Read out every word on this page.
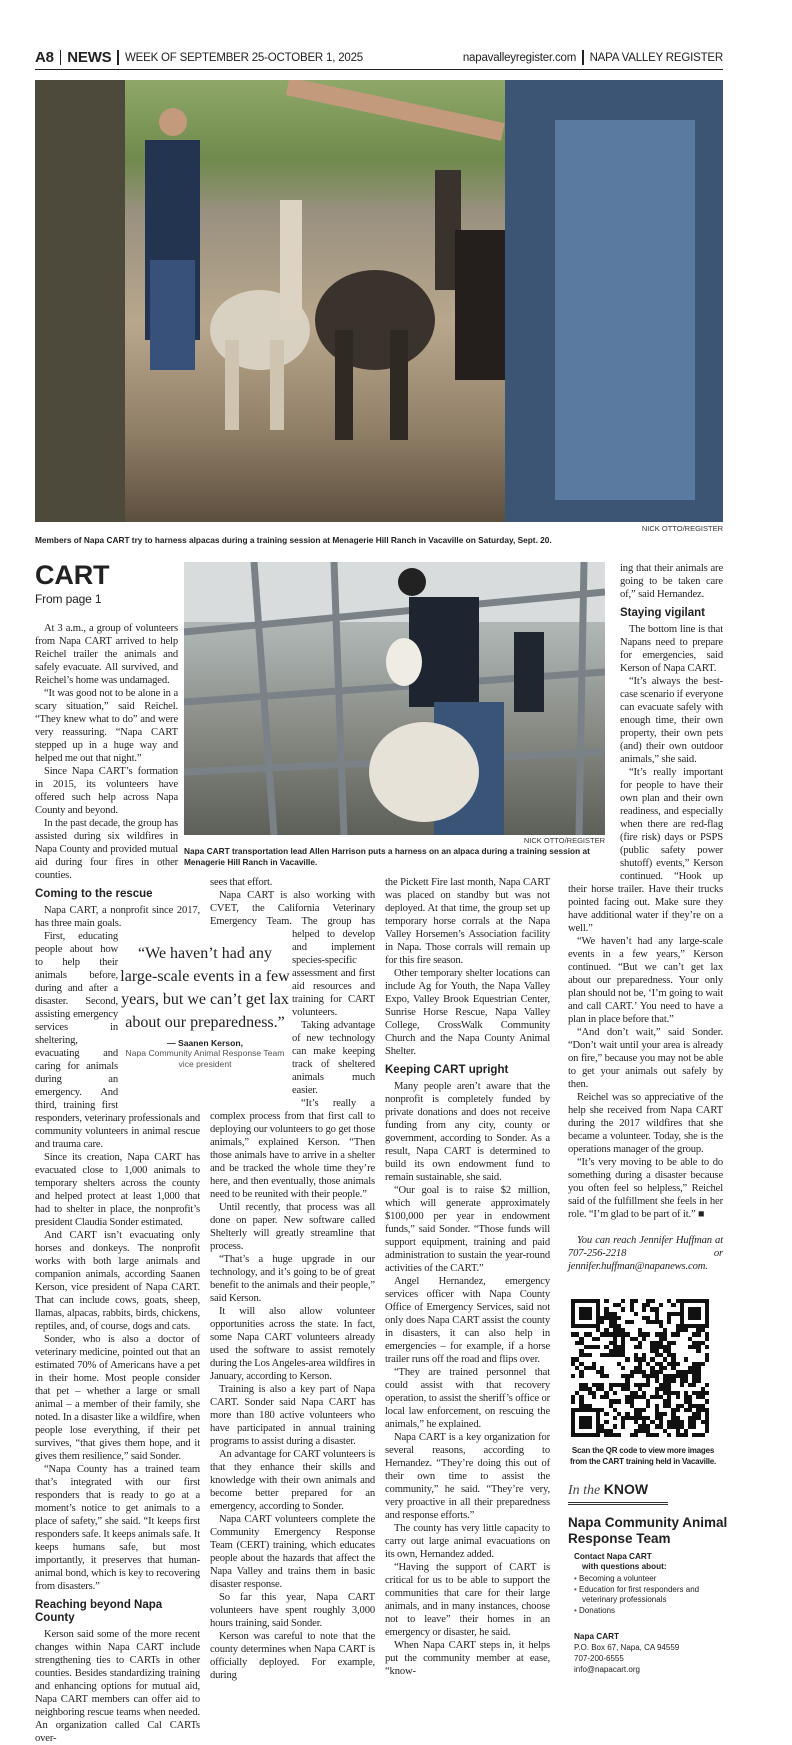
A8 NEWS WEEK OF SEPTEMBER 25-OCTOBER 1, 2025	napavalleyregister.com NAPA VALLEY REGISTER
NICK OTTO/REGISTER
Members of Napa CART try to harness alpacas during a training session at Menagerie Hill Ranch in Vacaville on Saturday, Sept. 20.
NICK OTTO/REGISTER
Napa CART transportation lead Allen Harrison puts a harness on an alpaca during a training session at Menagerie Hill Ranch in Vacaville.
CART
From page 1

At 3 a.m., a group of volunteers from Napa CART arrived to help Reichel trailer the animals and safely evacuate. All survived, and Reichel’s home was undamaged.

“It was good not to be alone in a scary situation,” said Reichel. “They knew what to do” and were very reassuring. “Napa CART stepped up in a huge way and helped me out that night.”

Since Napa CART’s formation in 2015, its volunteers have offered such help across Napa County and beyond.

In the past decade, the group has assisted during six wildfires in Napa County and provided mutual aid during four fires in other counties.

Coming to the rescue

Napa CART, a nonprofit since 2017, has three main goals.

First, educating people about how to help their animals before, during and after a disaster. Second, assisting emergency services in sheltering, evacuating and caring for animals during an emergency. And third, training first responders, veterinary professionals and community volunteers in animal rescue and trauma care.

Since its creation, Napa CART has evacuated close to 1,000 animals to temporary shelters across the county and helped protect at least 1,000 that had to shelter in place, the nonprofit’s president Claudia Sonder estimated.

And CART isn’t evacuating only horses and donkeys. The nonprofit works with both large animals and companion animals, according Saanen Kerson, vice president of Napa CART. That can include cows, goats, sheep, llamas, alpacas, rabbits, birds, chickens, reptiles, and, of course, dogs and cats.

Sonder, who is also a doctor of veterinary medicine, pointed out that an estimated 70% of Americans have a pet in their home. Most people consider that pet – whether a large or small animal – a member of their family, she noted. In a disaster like a wildfire, when people lose everything, if their pet survives, “that gives them hope, and it gives them resilience,” said Sonder.

“Napa County has a trained team that’s integrated with our first responders that is ready to go at a moment’s notice to get animals to a place of safety,” she said. “It keeps first responders safe. It keeps animals safe. It keeps humans safe, but most importantly, it preserves that human-animal bond, which is key to recovering from disasters.”

Reaching beyond Napa County

Kerson said some of the more recent changes within Napa CART include strengthening ties to CARTs in other counties. Besides standardizing training and enhancing options for mutual aid, Napa CART members can offer aid to neighboring rescue teams when needed. An organization called Cal CARTs over-

sees that effort.

Napa CART is also working with CVET, the California Veterinary Emergency Team. The group has helped to develop and implement species-specific assessment and first aid resources and training for CART volunteers.

Taking advantage of new technology can make keeping track of sheltered animals much easier.

“It’s really a complex process from that first call to deploying our volunteers to go get those animals,” explained Kerson. “Then those animals have to arrive in a shelter and be tracked the whole time they’re here, and then eventually, those animals need to be reunited with their people.”

Until recently, that process was all done on paper. New software called Shelterly will greatly streamline that process.

“That’s a huge upgrade in our technology, and it’s going to be of great benefit to the animals and their people,” said Kerson.

It will also allow volunteer opportunities across the state. In fact, some Napa CART volunteers already used the software to assist remotely during the Los Angeles-area wildfires in January, according to Kerson.

Training is also a key part of Napa CART. Sonder said Napa CART has more than 180 active volunteers who have participated in annual training programs to assist during a disaster.

An advantage for CART volunteers is that they enhance their skills and knowledge with their own animals and become better prepared for an emergency, according to Sonder.

Napa CART volunteers complete the Community Emergency Response Team (CERT) training, which educates people about the hazards that affect the Napa Valley and trains them in basic disaster response.

So far this year, Napa CART volunteers have spent roughly 3,000 hours training, said Sonder.

Kerson was careful to note that the county determines when Napa CART is officially deployed. For example, during

the Pickett Fire last month, Napa CART was placed on standby but was not deployed. At that time, the group set up temporary horse corrals at the Napa Valley Horsemen’s Association facility in Napa. Those corrals will remain up for this fire season.

Other temporary shelter locations can include Ag for Youth, the Napa Valley Expo, Valley Brook Equestrian Center, Sunrise Horse Rescue, Napa Valley College, CrossWalk Community Church and the Napa County Animal Shelter.

Keeping CART upright

Many people aren’t aware that the nonprofit is completely funded by private donations and does not receive funding from any city, county or government, according to Sonder. As a result, Napa CART is determined to build its own endowment fund to remain sustainable, she said.

“Our goal is to raise $2 million, which will generate approximately $100,000 per year in endowment funds,” said Sonder. “Those funds will support equipment, training and paid administration to sustain the year-round activities of the CART.”

Angel Hernandez, emergency services officer with Napa County Office of Emergency Services, said not only does Napa CART assist the county in disasters, it can also help in emergencies – for example, if a horse trailer runs off the road and flips over.

“They are trained personnel that could assist with that recovery operation, to assist the sheriff’s office or local law enforcement, on rescuing the animals,” he explained.

Napa CART is a key organization for several reasons, according to Hernandez. “They’re doing this out of their own time to assist the community,” he said. “They’re very, very proactive in all their preparedness and response efforts.”

The county has very little capacity to carry out large animal evacuations on its own, Hernandez added.

“Having the support of CART is critical for us to be able to support the communities that care for their large animals, and in many instances, choose not to leave” their homes in an emergency or disaster, he said.

When Napa CART steps in, it helps put the community member at ease, “know-

ing that their animals are going to be taken care of,” said Hernandez.

Staying vigilant

The bottom line is that Napans need to prepare for emergencies, said Kerson of Napa CART.

“It’s always the best-case scenario if everyone can evacuate safely with enough time, their own property, their own pets (and) their own outdoor animals,” she said.

“It’s really important for people to have their own plan and their own readiness, and especially when there are red-flag (fire risk) days or PSPS (public safety power shutoff) events,” Kerson continued. “Hook up their horse trailer. Have their trucks pointed facing out. Make sure they have additional water if they’re on a well.”

“We haven’t had any large-scale events in a few years,” Kerson continued. “But we can’t get lax about our preparedness. Your only plan should not be, ‘I’m going to wait and call CART.’ You need to have a plan in place before that.”

“And don’t wait,” said Sonder. “Don’t wait until your area is already on fire,” because you may not be able to get your animals out safely by then.

Reichel was so appreciative of the help she received from Napa CART during the 2017 wildfires that she became a volunteer. Today, she is the operations manager of the group.

“It’s very moving to be able to do something during a disaster because you often feel so helpless,” Reichel said of the fulfillment she feels in her role. “I’m glad to be part of it.” ■

You can reach Jennifer Huffman at 707-256-2218 or jennifer.huffman@napanews.com.

Scan the QR code to view more images from the CART training held in Vacaville.
In the KNOW
Napa Community Animal Response Team
Contact Napa CART
with questions about:
• Becoming a volunteer
• Education for first responders and
veterinary professionals
• Donations
Napa CART
P.O. Box 67, Napa, CA 94559
707-200-6555
info@napacart.org
“We haven’t had any large-scale events in a few years, but we can’t get lax about our preparedness.”
— Saanen Kerson,
Napa Community Animal Response Team vice president
